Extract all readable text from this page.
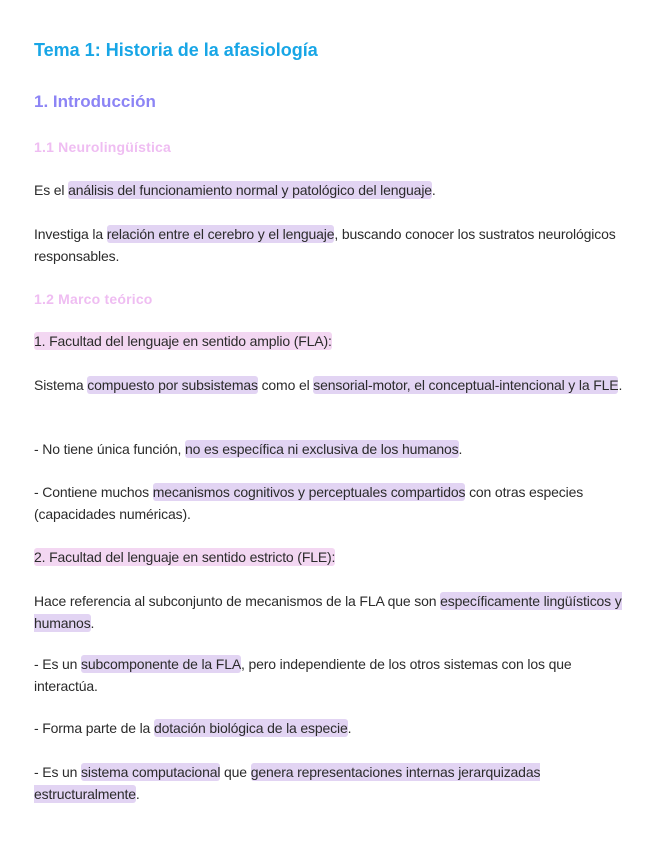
Tema 1: Historia de la afasiología
1. Introducción
1.1 Neurolingüística

Es el análisis del funcionamiento normal y patológico del lenguaje.

Investiga la relación entre el cerebro y el lenguaje, buscando conocer los sustratos neurológicos responsables.

1.2 Marco teórico

1. Facultad del lenguaje en sentido amplio (FLA):

Sistema compuesto por subsistemas como el sensorial-motor, el conceptual-intencional y la FLE.

- No tiene única función, no es específica ni exclusiva de los humanos.

- Contiene muchos mecanismos cognitivos y perceptuales compartidos con otras especies (capacidades numéricas).

2. Facultad del lenguaje en sentido estricto (FLE):

Hace referencia al subconjunto de mecanismos de la FLA que son específicamente lingüísticos y humanos.

- Es un subcomponente de la FLA, pero independiente de los otros sistemas con los que interactúa.

- Forma parte de la dotación biológica de la especie.

- Es un sistema computacional que genera representaciones internas jerarquizadas estructuralmente.
